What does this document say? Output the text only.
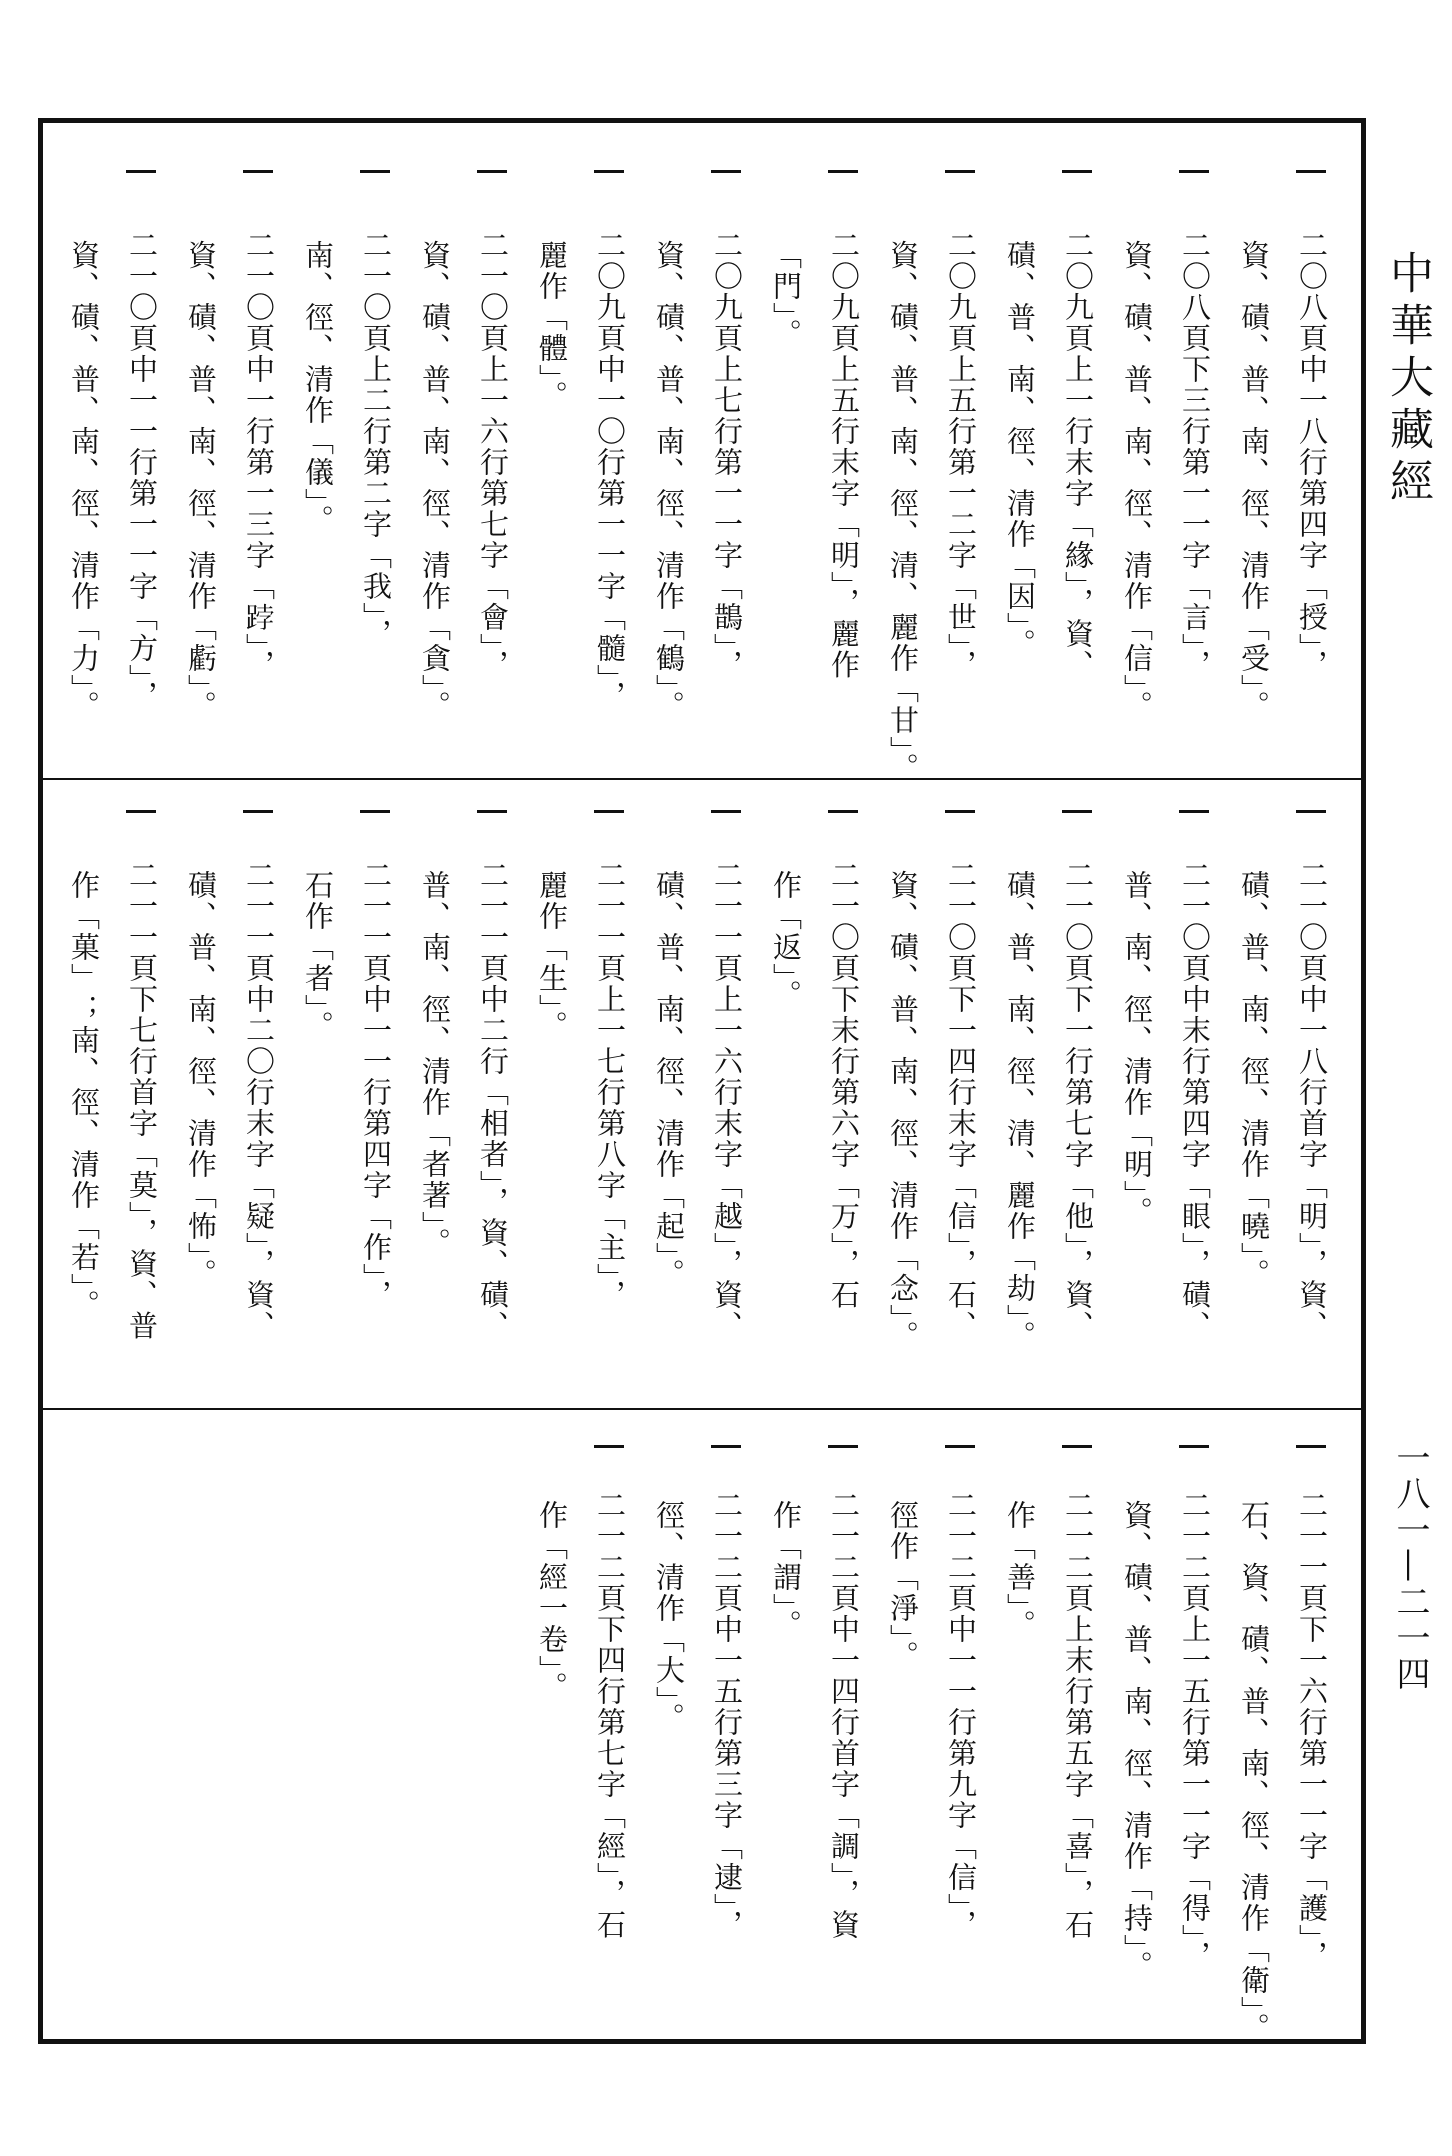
中華大藏經
一八一—二一四
二〇八頁中一八行第四字「授」，
資、磧、普、南、徑、清作「受」。
二〇八頁下三行第一一字「言」，
資、磧、普、南、徑、清作「信」。
二〇九頁上一行末字「緣」，資、
磧、普、南、徑、清作「因」。
二〇九頁上五行第一二字「世」，
資、磧、普、南、徑、清、麗作「甘」。
二〇九頁上五行末字「明」，麗作
「門」。
二〇九頁上七行第一一字「鵲」，
資、磧、普、南、徑、清作「鶴」。
二〇九頁中一〇行第一一字「髓」，
麗作「體」。
二一〇頁上一六行第七字「會」，
資、磧、普、南、徑、清作「貪」。
二一〇頁上二行第二字「我」，
南、徑、清作「儀」。
二一〇頁中一行第一三字「𨁝」，
資、磧、普、南、徑、清作「虧」。
二一〇頁中一一行第一一字「方」，
資、磧、普、南、徑、清作「力」。
二一〇頁中一八行首字「明」，資、
磧、普、南、徑、清作「曉」。
二一〇頁中末行第四字「眼」，磧、
普、南、徑、清作「明」。
二一〇頁下一行第七字「他」，資、
磧、普、南、徑、清、麗作「劫」。
二一〇頁下一四行末字「信」，石、
資、磧、普、南、徑、清作「念」。
二一〇頁下末行第六字「万」，石
作「返」。
二一一頁上一六行末字「越」，資、
磧、普、南、徑、清作「起」。
二一一頁上一七行第八字「主」，
麗作「生」。
二一一頁中二行「相者」，資、磧、
普、南、徑、清作「者著」。
二一一頁中一一行第四字「作」，
石作「者」。
二一一頁中二〇行末字「疑」，資、
磧、普、南、徑、清作「怖」。
二一一頁下七行首字「莫」，資、普
作「菓」；南、徑、清作「若」。
二一一頁下一六行第一一字「護」，
石、資、磧、普、南、徑、清作「衛」。
二一二頁上一五行第一一字「得」，
資、磧、普、南、徑、清作「持」。
二一二頁上末行第五字「喜」，石
作「善」。
二一二頁中一一行第九字「信」，
徑作「淨」。
二一二頁中一四行首字「調」，資
作「謂」。
二一二頁中一五行第三字「逮」，
徑、清作「大」。
二一二頁下四行第七字「經」，石
作「經一卷」。
